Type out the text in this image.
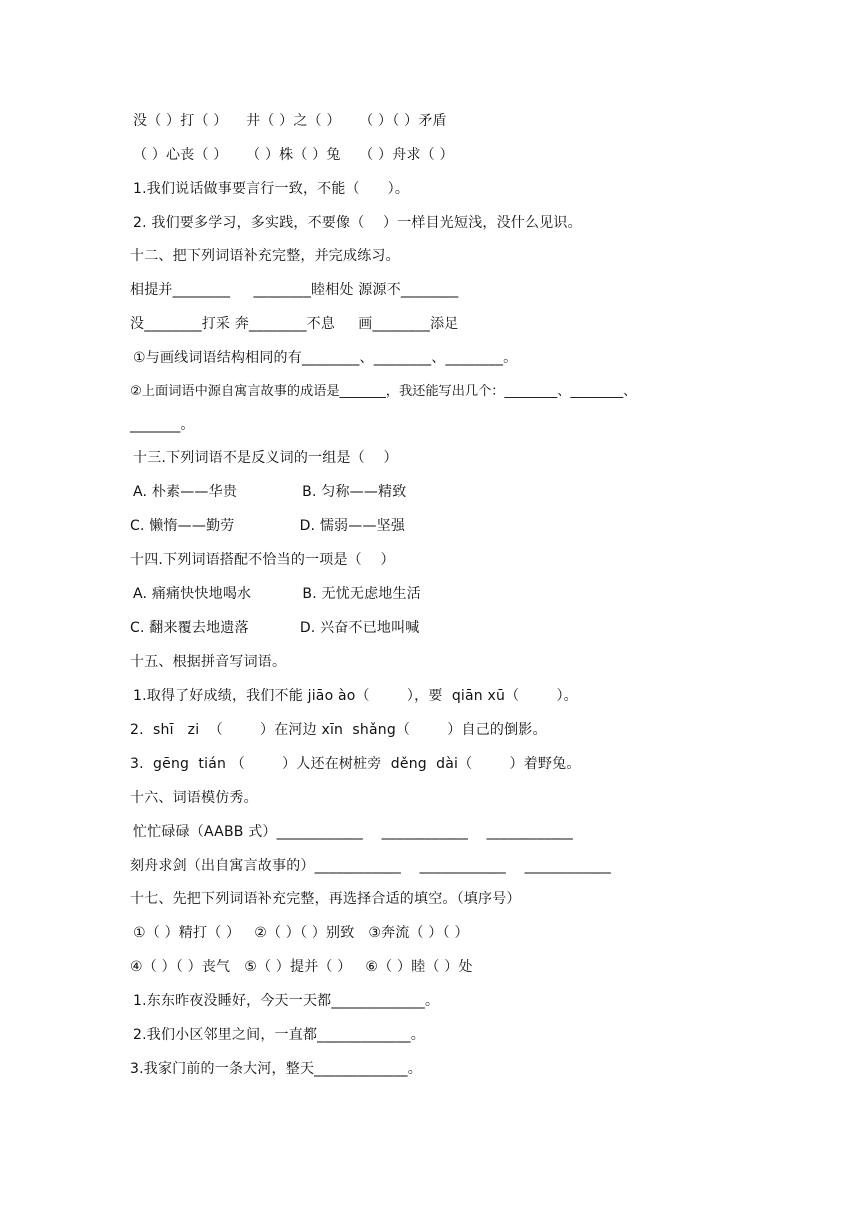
没（ ）打（ ）    井（ ）之（ ）    （ ）（ ）矛盾
（ ）心丧（ ）    （ ）株（ ）兔    （ ）舟求（ ）
1.我们说话做事要言行一致，不能（      ）。
2. 我们要多学习，多实践，不要像（    ）一样目光短浅，没什么见识。
十二、把下列词语补充完整，并完成练习。
相提并________     ________睦相处 源源不________
没________打采 奔________不息     画________添足
①与画线词语结构相同的有________、________、________。
②上面词语中源自寓言故事的成语是_______，我还能写出几个：________、________、
_______。
十三.下列词语不是反义词的一组是（    ）
A. 朴素——华贵              B. 匀称——精致
C. 懒惰——勤劳              D. 懦弱——坚强
十四.下列词语搭配不恰当的一项是（    ）
A. 痛痛快快地喝水           B. 无忧无虑地生活
C. 翻来覆去地遗落           D. 兴奋不已地叫喊
十五、根据拼音写词语。
1.取得了好成绩，我们不能 jiāo ào（        ），要  qiān xū（        ）。
2.  shī   zi  （        ）在河边 xīn  shǎng（        ）自己的倒影。
3.  gēng  tián （        ）人还在树桩旁  děng  dài（        ）着野兔。
十六、词语模仿秀。
忙忙碌碌（AABB 式）____________    ____________    ____________
刻舟求剑（出自寓言故事的）____________    ____________    ____________
十七、先把下列词语补充完整，再选择合适的填空。（填序号）
①（ ）精打（ ）   ②（ ）（ ）别致   ③奔流（ ）（ ）
④（ ）（ ）丧气   ⑤（ ）提并（ ）   ⑥（ ）睦（ ）处
1.东东昨夜没睡好，今天一天都_____________。
2.我们小区邻里之间，一直都_____________。
3.我家门前的一条大河，整天_____________。
